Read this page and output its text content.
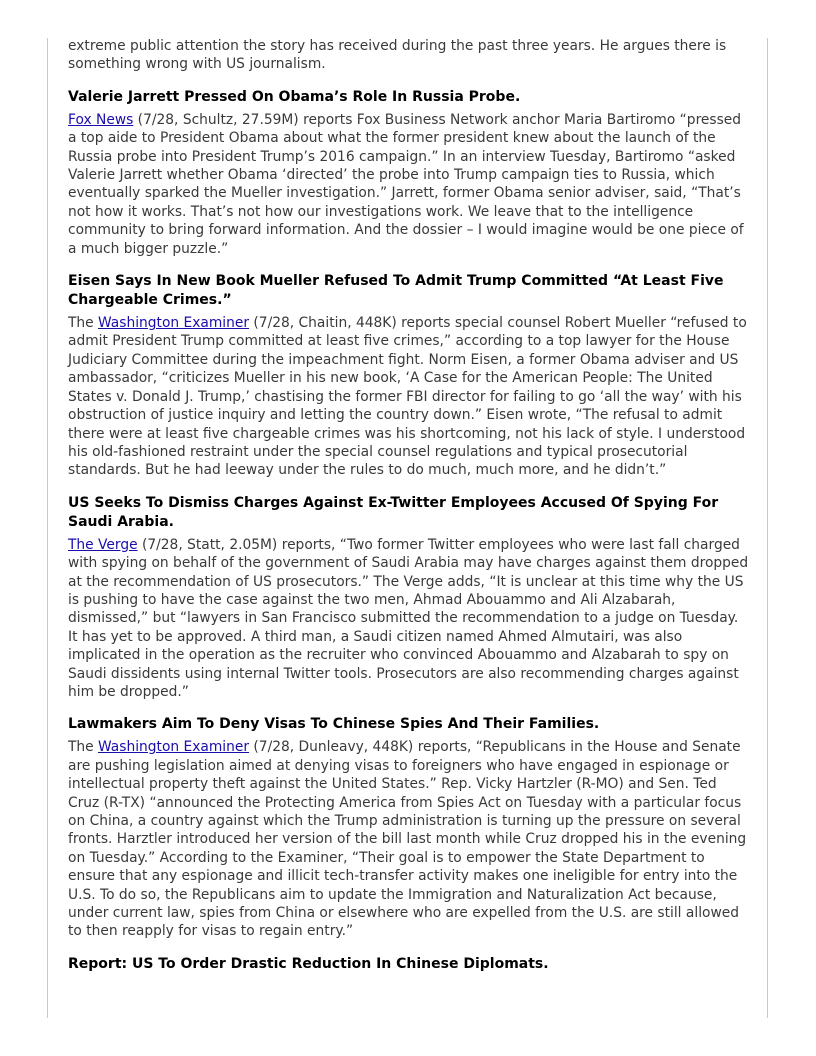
extreme public attention the story has received during the past three years. He argues there is something wrong with US journalism.

Valerie Jarrett Pressed On Obama’s Role In Russia Probe.

Fox News (7/28, Schultz, 27.59M) reports Fox Business Network anchor Maria Bartiromo “pressed a top aide to President Obama about what the former president knew about the launch of the Russia probe into President Trump’s 2016 campaign.” In an interview Tuesday, Bartiromo “asked Valerie Jarrett whether Obama ‘directed’ the probe into Trump campaign ties to Russia, which eventually sparked the Mueller investigation.” Jarrett, former Obama senior adviser, said, “That’s not how it works. That’s not how our investigations work. We leave that to the intelligence community to bring forward information. And the dossier – I would imagine would be one piece of a much bigger puzzle.”

Eisen Says In New Book Mueller Refused To Admit Trump Committed “At Least Five Chargeable Crimes.”

The Washington Examiner (7/28, Chaitin, 448K) reports special counsel Robert Mueller “refused to admit President Trump committed at least five crimes,” according to a top lawyer for the House Judiciary Committee during the impeachment fight. Norm Eisen, a former Obama adviser and US ambassador, “criticizes Mueller in his new book, ‘A Case for the American People: The United States v. Donald J. Trump,’ chastising the former FBI director for failing to go ‘all the way’ with his obstruction of justice inquiry and letting the country down.” Eisen wrote, “The refusal to admit there were at least five chargeable crimes was his shortcoming, not his lack of style. I understood his old-fashioned restraint under the special counsel regulations and typical prosecutorial standards. But he had leeway under the rules to do much, much more, and he didn’t.”

US Seeks To Dismiss Charges Against Ex-Twitter Employees Accused Of Spying For Saudi Arabia.

The Verge (7/28, Statt, 2.05M) reports, “Two former Twitter employees who were last fall charged with spying on behalf of the government of Saudi Arabia may have charges against them dropped at the recommendation of US prosecutors.” The Verge adds, “It is unclear at this time why the US is pushing to have the case against the two men, Ahmad Abouammo and Ali Alzabarah, dismissed,” but “lawyers in San Francisco submitted the recommendation to a judge on Tuesday. It has yet to be approved. A third man, a Saudi citizen named Ahmed Almutairi, was also implicated in the operation as the recruiter who convinced Abouammo and Alzabarah to spy on Saudi dissidents using internal Twitter tools. Prosecutors are also recommending charges against him be dropped.”

Lawmakers Aim To Deny Visas To Chinese Spies And Their Families.

The Washington Examiner (7/28, Dunleavy, 448K) reports, “Republicans in the House and Senate are pushing legislation aimed at denying visas to foreigners who have engaged in espionage or intellectual property theft against the United States.” Rep. Vicky Hartzler (R-MO) and Sen. Ted Cruz (R-TX) “announced the Protecting America from Spies Act on Tuesday with a particular focus on China, a country against which the Trump administration is turning up the pressure on several fronts. Harztler introduced her version of the bill last month while Cruz dropped his in the evening on Tuesday.” According to the Examiner, “Their goal is to empower the State Department to ensure that any espionage and illicit tech-transfer activity makes one ineligible for entry into the U.S. To do so, the Republicans aim to update the Immigration and Naturalization Act because, under current law, spies from China or elsewhere who are expelled from the U.S. are still allowed to then reapply for visas to regain entry.”

Report: US To Order Drastic Reduction In Chinese Diplomats.
